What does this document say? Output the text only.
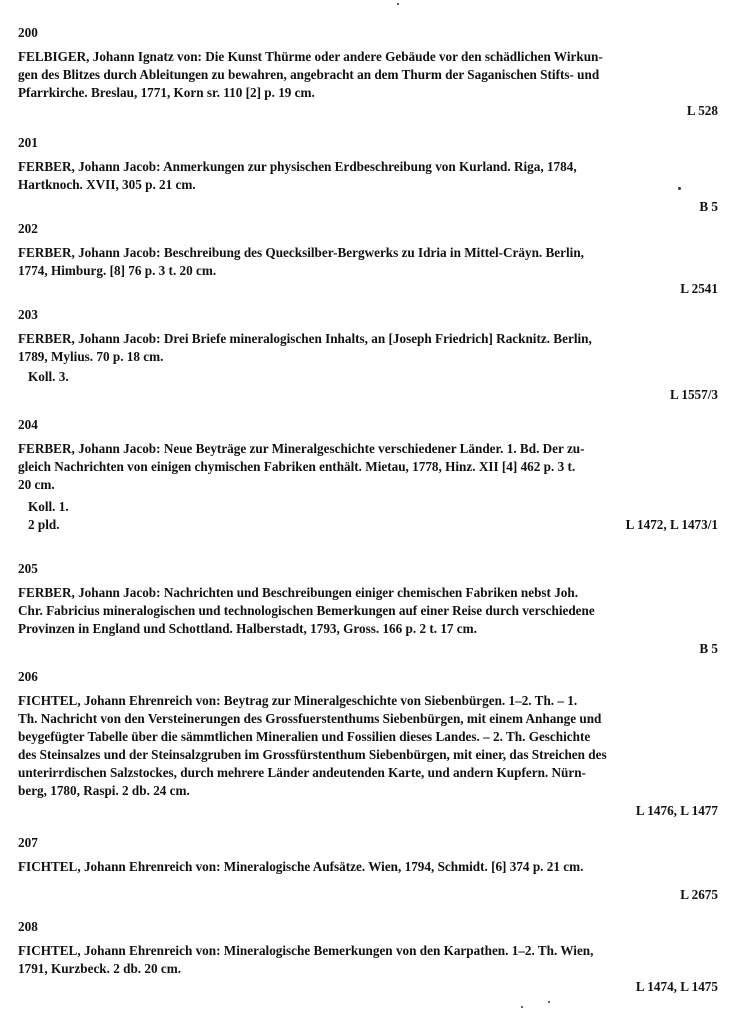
200
FELBIGER, Johann Ignatz von: Die Kunst Thürme oder andere Gebäude vor den schädlichen Wirkun-
gen des Blitzes durch Ableitungen zu bewahren, angebracht an dem Thurm der Saganischen Stifts- und
Pfarrkirche. Breslau, 1771, Korn sr. 110 [2] p. 19 cm.
L 528
201
FERBER, Johann Jacob: Anmerkungen zur physischen Erdbeschreibung von Kurland. Riga, 1784,
Hartknoch. XVII, 305 p. 21 cm.
B 5
202
FERBER, Johann Jacob: Beschreibung des Quecksilber-Bergwerks zu Idria in Mittel-Cräyn. Berlin,
1774, Himburg. [8] 76 p. 3 t. 20 cm.
L 2541
203
FERBER, Johann Jacob: Drei Briefe mineralogischen Inhalts, an [Joseph Friedrich] Racknitz. Berlin,
1789, Mylius. 70 p. 18 cm.
Koll. 3.
L 1557/3
204
FERBER, Johann Jacob: Neue Beyträge zur Mineralgeschichte verschiedener Länder. 1. Bd. Der zu-
gleich Nachrichten von einigen chymischen Fabriken enthält. Mietau, 1778, Hinz. XII [4] 462 p. 3 t.
20 cm.
Koll. 1.
2 pld.	L 1472, L 1473/1
205
FERBER, Johann Jacob: Nachrichten und Beschreibungen einiger chemischen Fabriken nebst Joh.
Chr. Fabricius mineralogischen und technologischen Bemerkungen auf einer Reise durch verschiedene
Provinzen in England und Schottland. Halberstadt, 1793, Gross. 166 p. 2 t. 17 cm.
B 5
206
FICHTEL, Johann Ehrenreich von: Beytrag zur Mineralgeschichte von Siebenbürgen. 1–2. Th. – 1.
Th. Nachricht von den Versteinerungen des Grossfuerstenthums Siebenbürgen, mit einem Anhange und
beygefügter Tabelle über die sämmtlichen Mineralien und Fossilien dieses Landes. – 2. Th. Geschichte
des Steinsalzes und der Steinsalzgruben im Grossfürstenthum Siebenbürgen, mit einer, das Streichen des
unterirrdischen Salzstockes, durch mehrere Länder andeutenden Karte, und andern Kupfern. Nürn-
berg, 1780, Raspi. 2 db. 24 cm.
L 1476, L 1477
207
FICHTEL, Johann Ehrenreich von: Mineralogische Aufsätze. Wien, 1794, Schmidt. [6] 374 p. 21 cm.
L 2675
208
FICHTEL, Johann Ehrenreich von: Mineralogische Bemerkungen von den Karpathen. 1–2. Th. Wien,
1791, Kurzbeck. 2 db. 20 cm.
L 1474, L 1475
